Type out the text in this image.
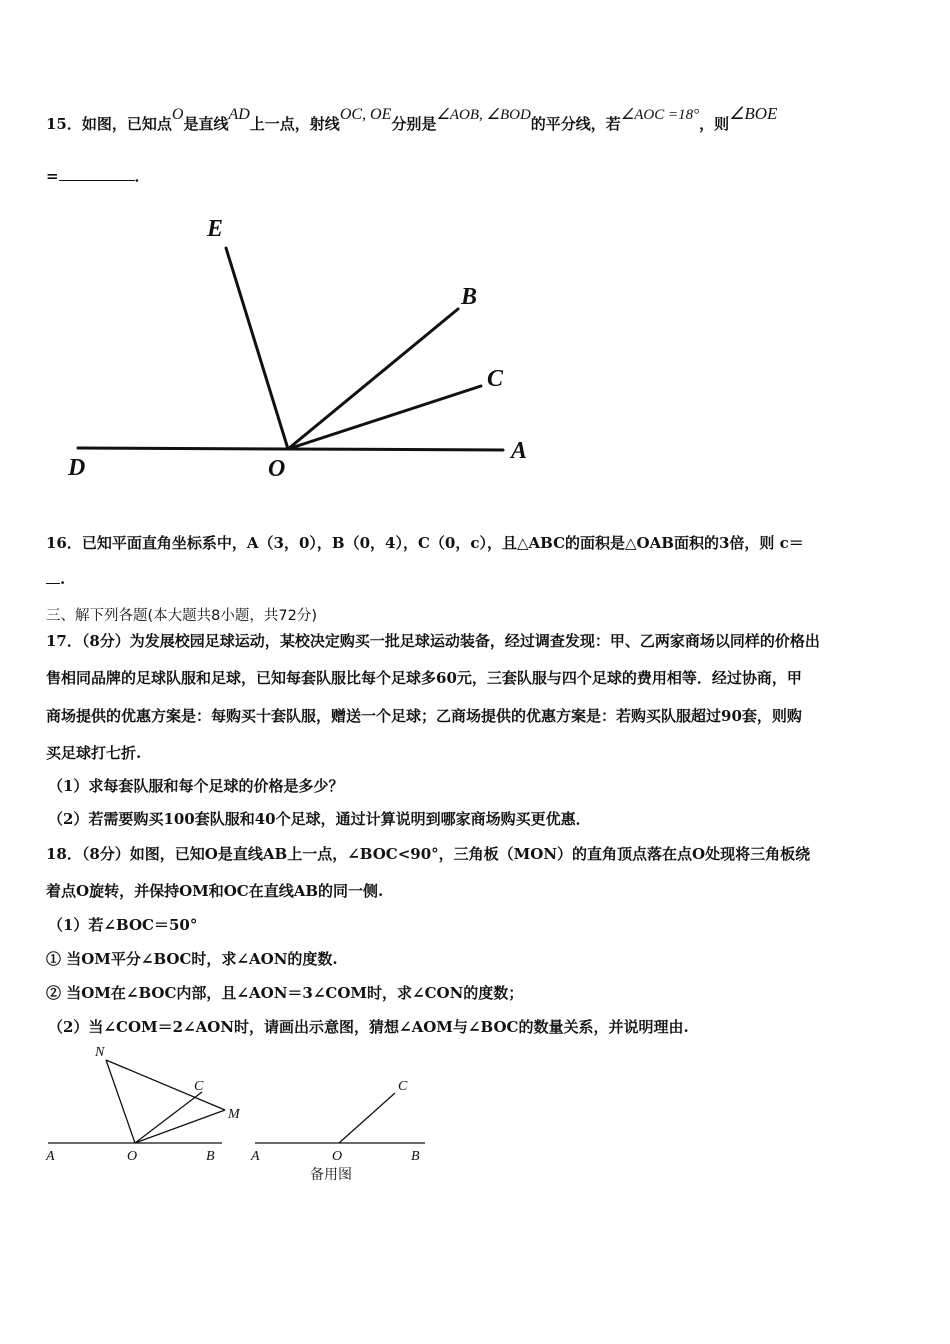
15．如图，已知点O是直线AD上一点，射线OC, OE分别是∠AOB, ∠BOD的平分线，若∠AOC =18°，则∠BOE
=	．
E
B
C
D	O
A
16．已知平面直角坐标系中，A（3，0），B（0，4），C（0，c），且△ABC的面积是△OAB面积的3倍，则 c＝
.
三、解下列各题(本大题共8小题，共72分)
17．（8分）为发展校园足球运动，某校决定购买一批足球运动装备，经过调查发现：甲、乙两家商场以同样的价格出
售相同品牌的足球队服和足球，已知每套队服比每个足球多60元，三套队服与四个足球的费用相等．经过协商，甲
商场提供的优惠方案是：每购买十套队服，赠送一个足球；乙商场提供的优惠方案是：若购买队服超过90套，则购
买足球打七折.
（1）求每套队服和每个足球的价格是多少？
（2）若需要购买100套队服和40个足球，通过计算说明到哪家商场购买更优惠．
18．（8分）如图，已知O是直线AB上一点，∠BOC<90°，三角板（MON）的直角顶点落在点O处现将三角板绕
着点O旋转，并保持OM和OC在直线AB的同一侧.
（1）若∠BOC＝50°
① 当OM平分∠BOC时，求∠AON的度数.
② 当OM在∠BOC内部，且∠AON＝3∠COM时，求∠CON的度数；
（2）当∠COM＝2∠AON时，请画出示意图，猜想∠AOM与∠BOC的数量关系，并说明理由.
N
C
M
A	O	B
C
A	O	B
备用图
